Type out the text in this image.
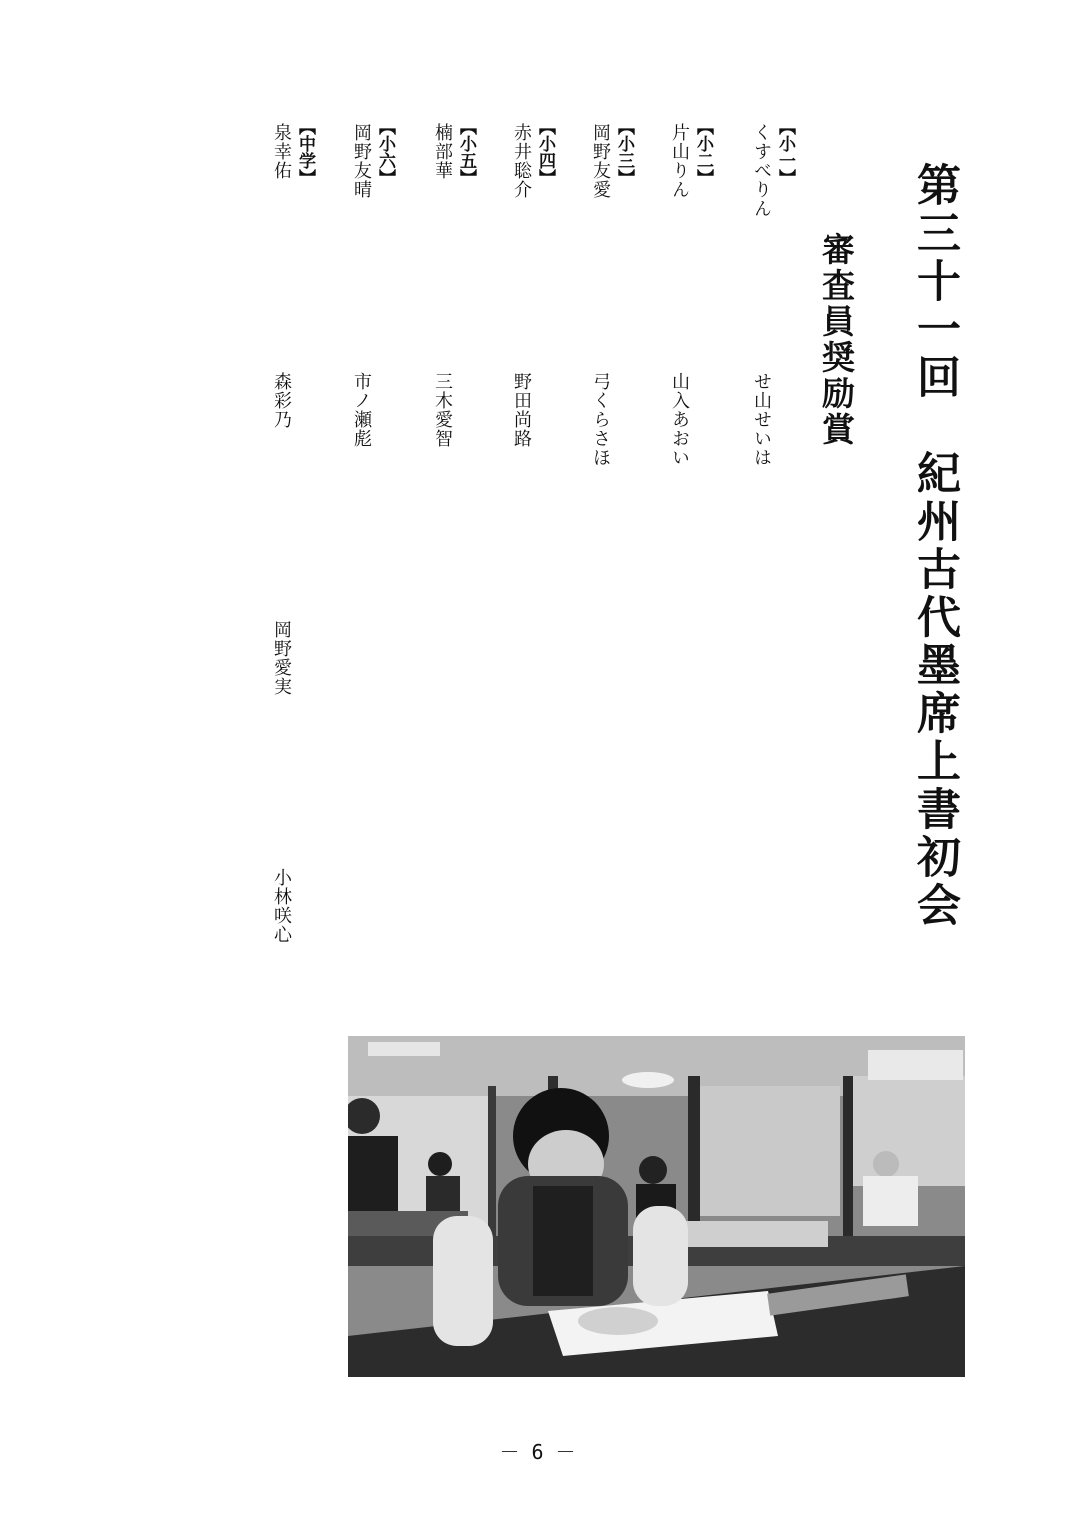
第三十一回　紀州古代墨席上書初会
審査員奨励賞
【小一】
くすべりん
せ山せいは
【小二】
片山りん
山入あおい
【小三】
岡野友愛
弓くらさほ
【小四】
赤井聡介
野田尚路
【小五】
楠部華
三木愛智
【小六】
岡野友晴
市ノ瀬彪
【中学】
泉幸佑
森彩乃
岡野愛実
小林咲心
－ 6 －
